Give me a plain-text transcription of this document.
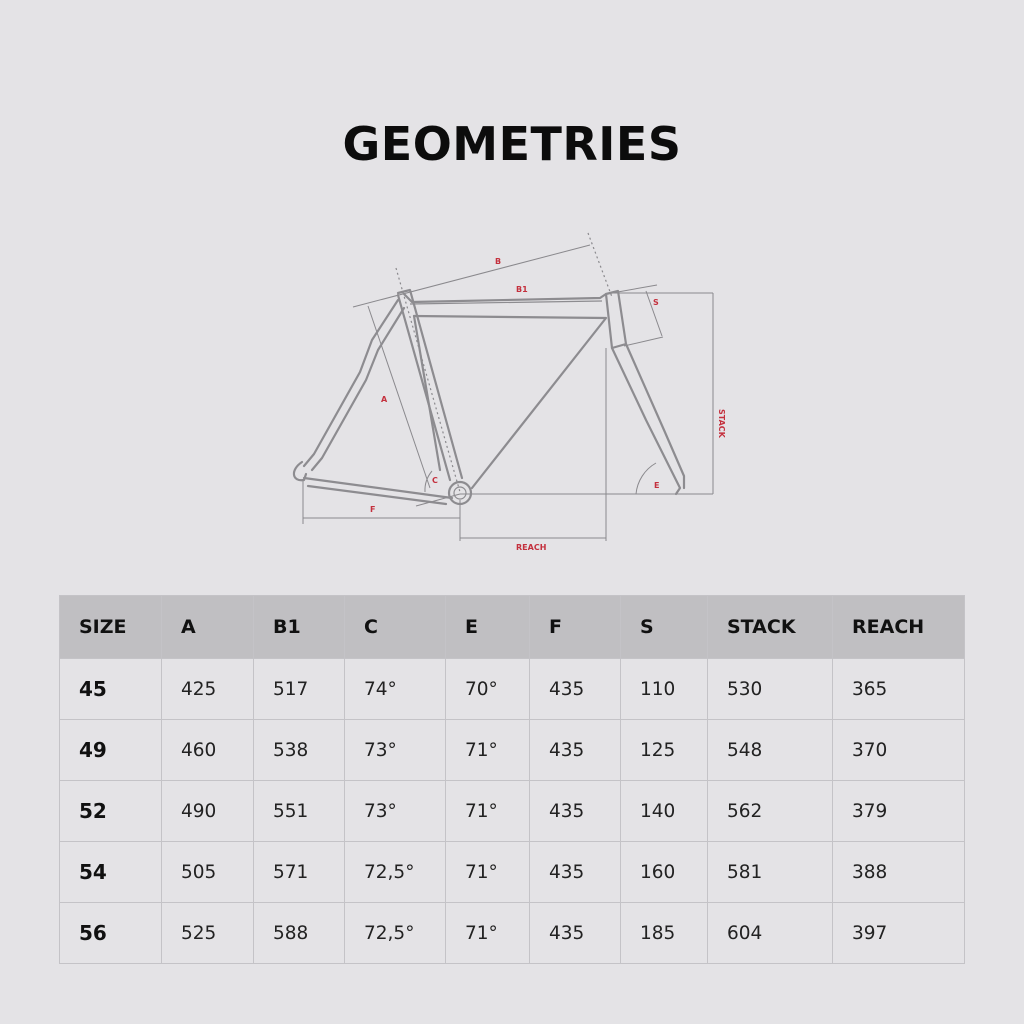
GEOMETRIES
B
B1
S
STACK
A
C
E
F
REACH
SIZE	A	B1	C	E	F	S	STACK	REACH
45	425	517	74°	70°	435	110	530	365
49	460	538	73°	71°	435	125	548	370
52	490	551	73°	71°	435	140	562	379
54	505	571	72,5°	71°	435	160	581	388
56	525	588	72,5°	71°	435	185	604	397
